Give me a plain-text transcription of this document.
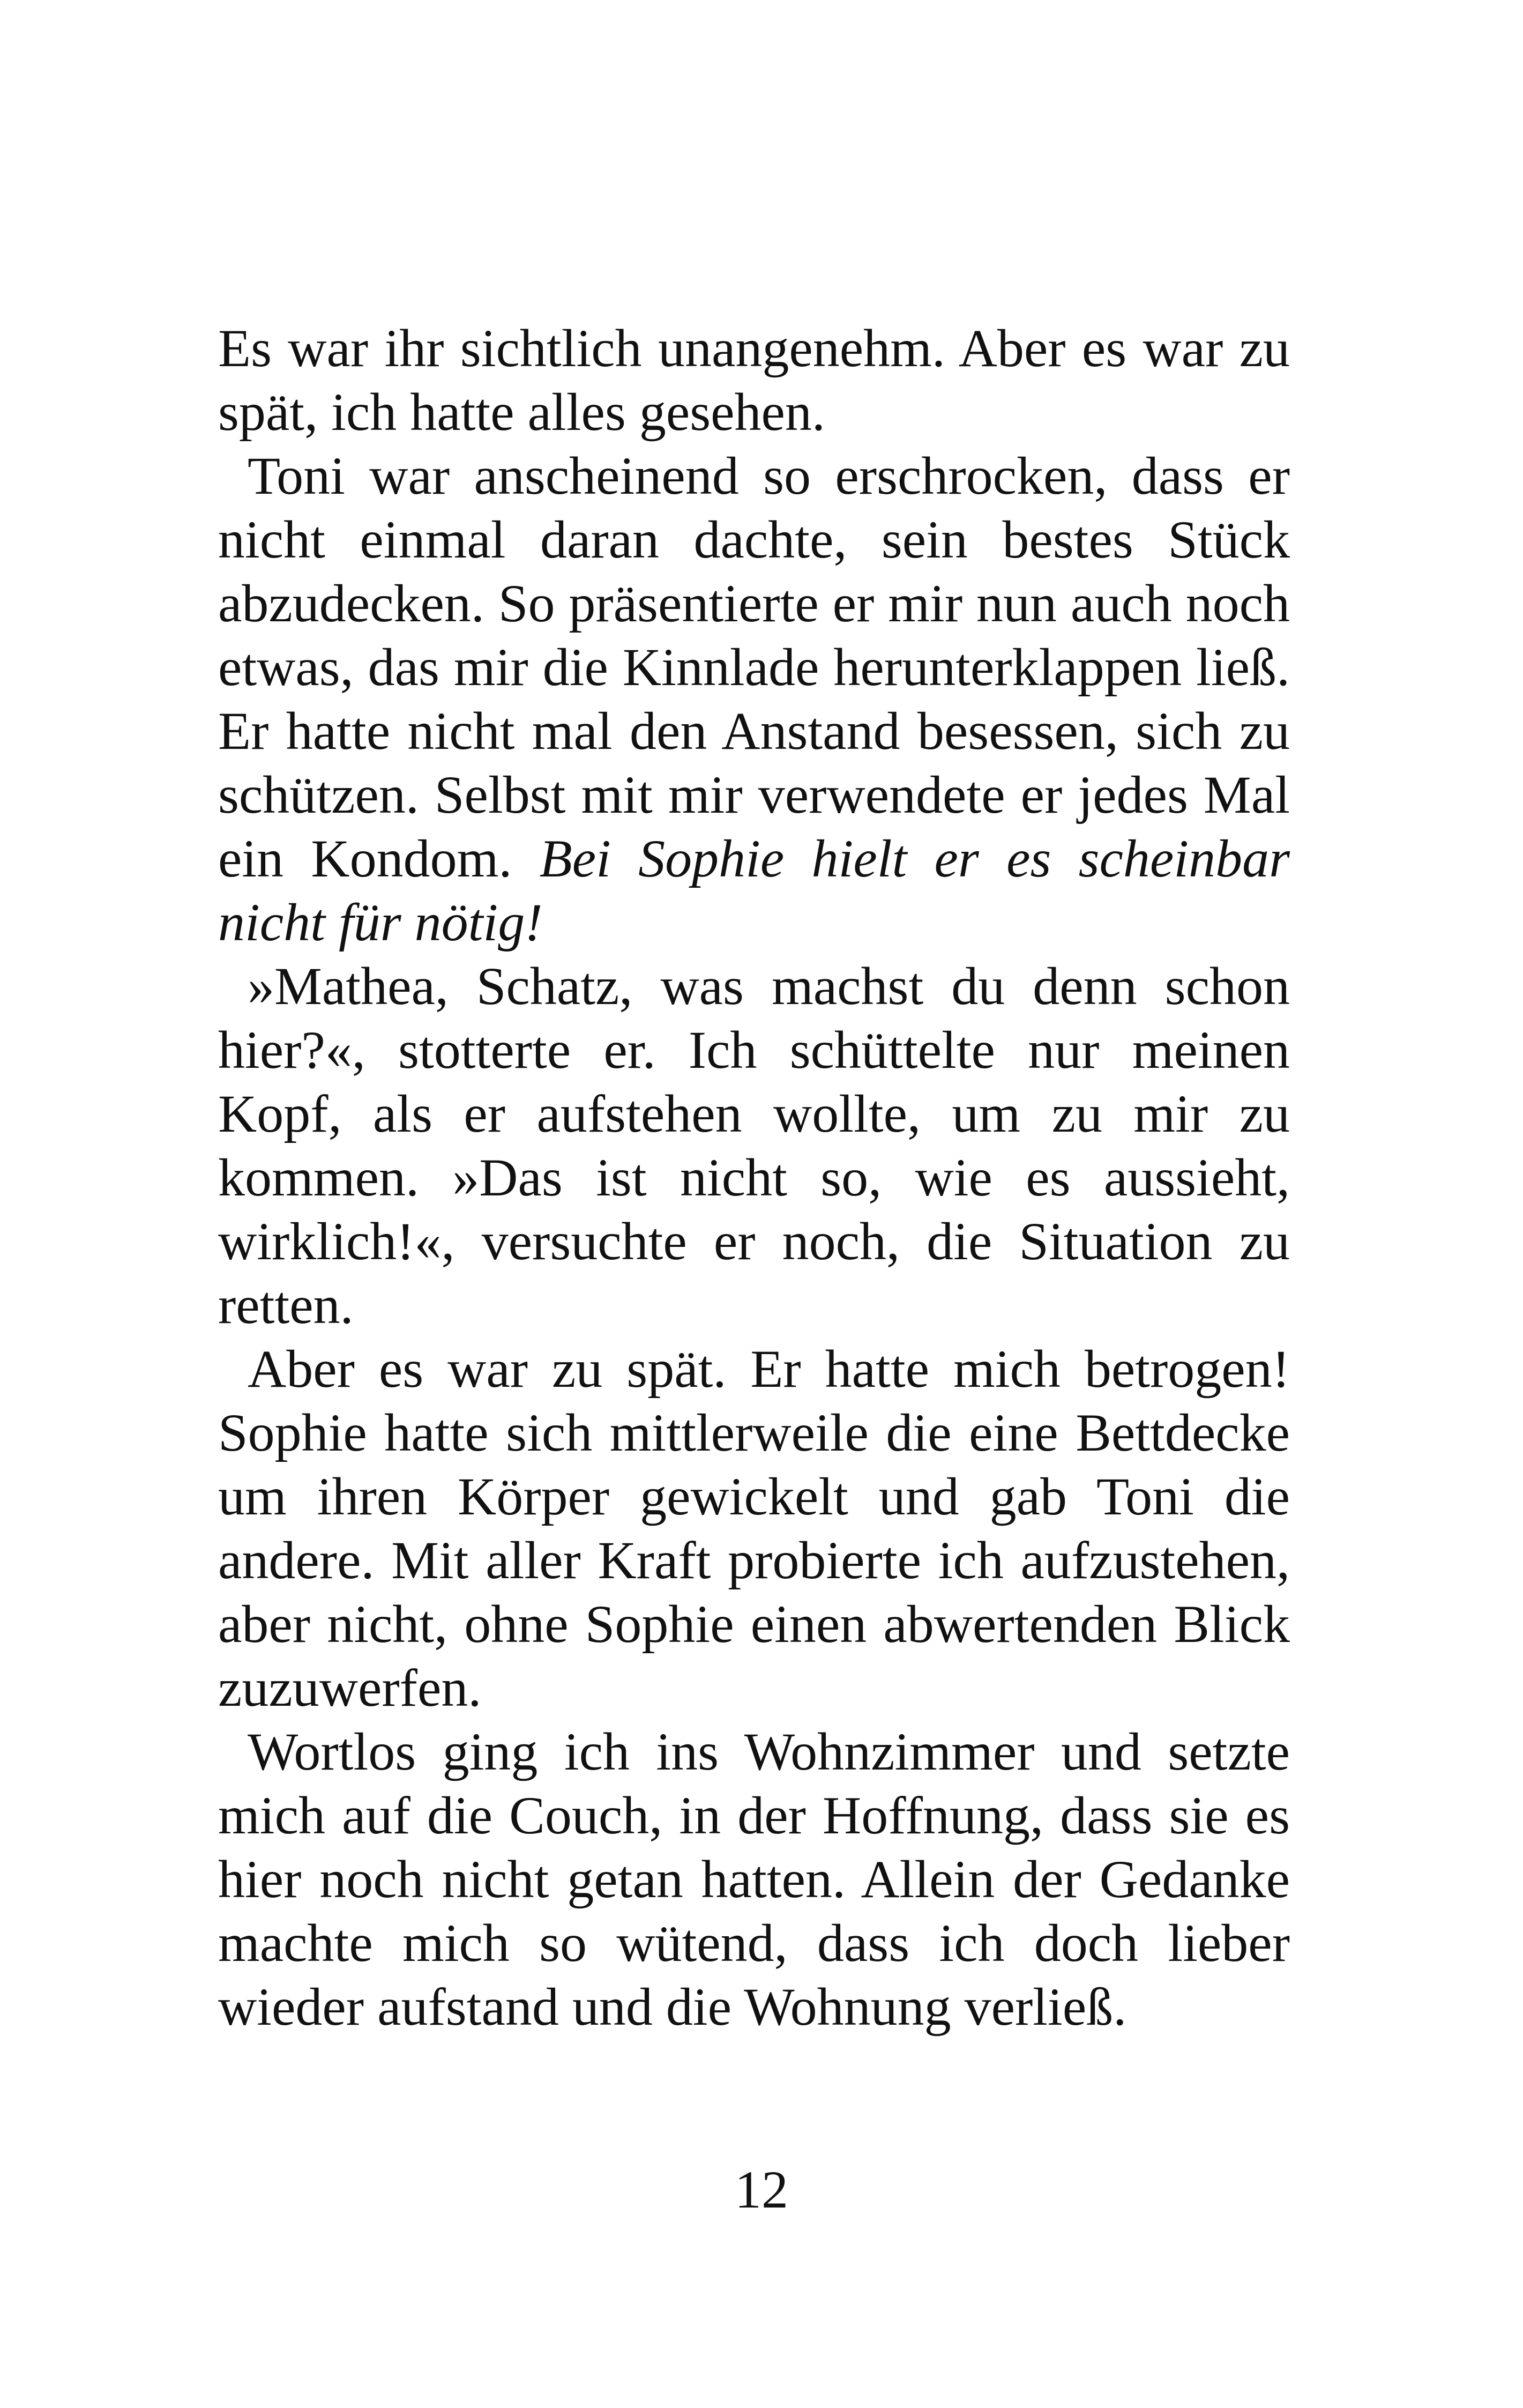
Es war ihr sichtlich unangenehm. Aber es war zu spät, ich hatte alles gesehen.

Toni war anscheinend so erschrocken, dass er nicht einmal daran dachte, sein bestes Stück abzudecken. So präsentierte er mir nun auch noch etwas, das mir die Kinnlade herunterklappen ließ. Er hatte nicht mal den Anstand besessen, sich zu schützen. Selbst mit mir verwendete er jedes Mal ein Kondom. Bei Sophie hielt er es scheinbar nicht für nötig!

»Mathea, Schatz, was machst du denn schon hier?«, stotterte er. Ich schüttelte nur meinen Kopf, als er aufstehen wollte, um zu mir zu kommen. »Das ist nicht so, wie es aussieht, wirklich!«, versuchte er noch, die Situation zu retten.

Aber es war zu spät. Er hatte mich betrogen! Sophie hatte sich mittlerweile die eine Bettdecke um ihren Körper gewickelt und gab Toni die andere. Mit aller Kraft probierte ich aufzustehen, aber nicht, ohne Sophie einen abwertenden Blick zuzuwerfen.

Wortlos ging ich ins Wohnzimmer und setzte mich auf die Couch, in der Hoffnung, dass sie es hier noch nicht getan hatten. Allein der Gedanke machte mich so wütend, dass ich doch lieber wieder aufstand und die Wohnung verließ.

12
